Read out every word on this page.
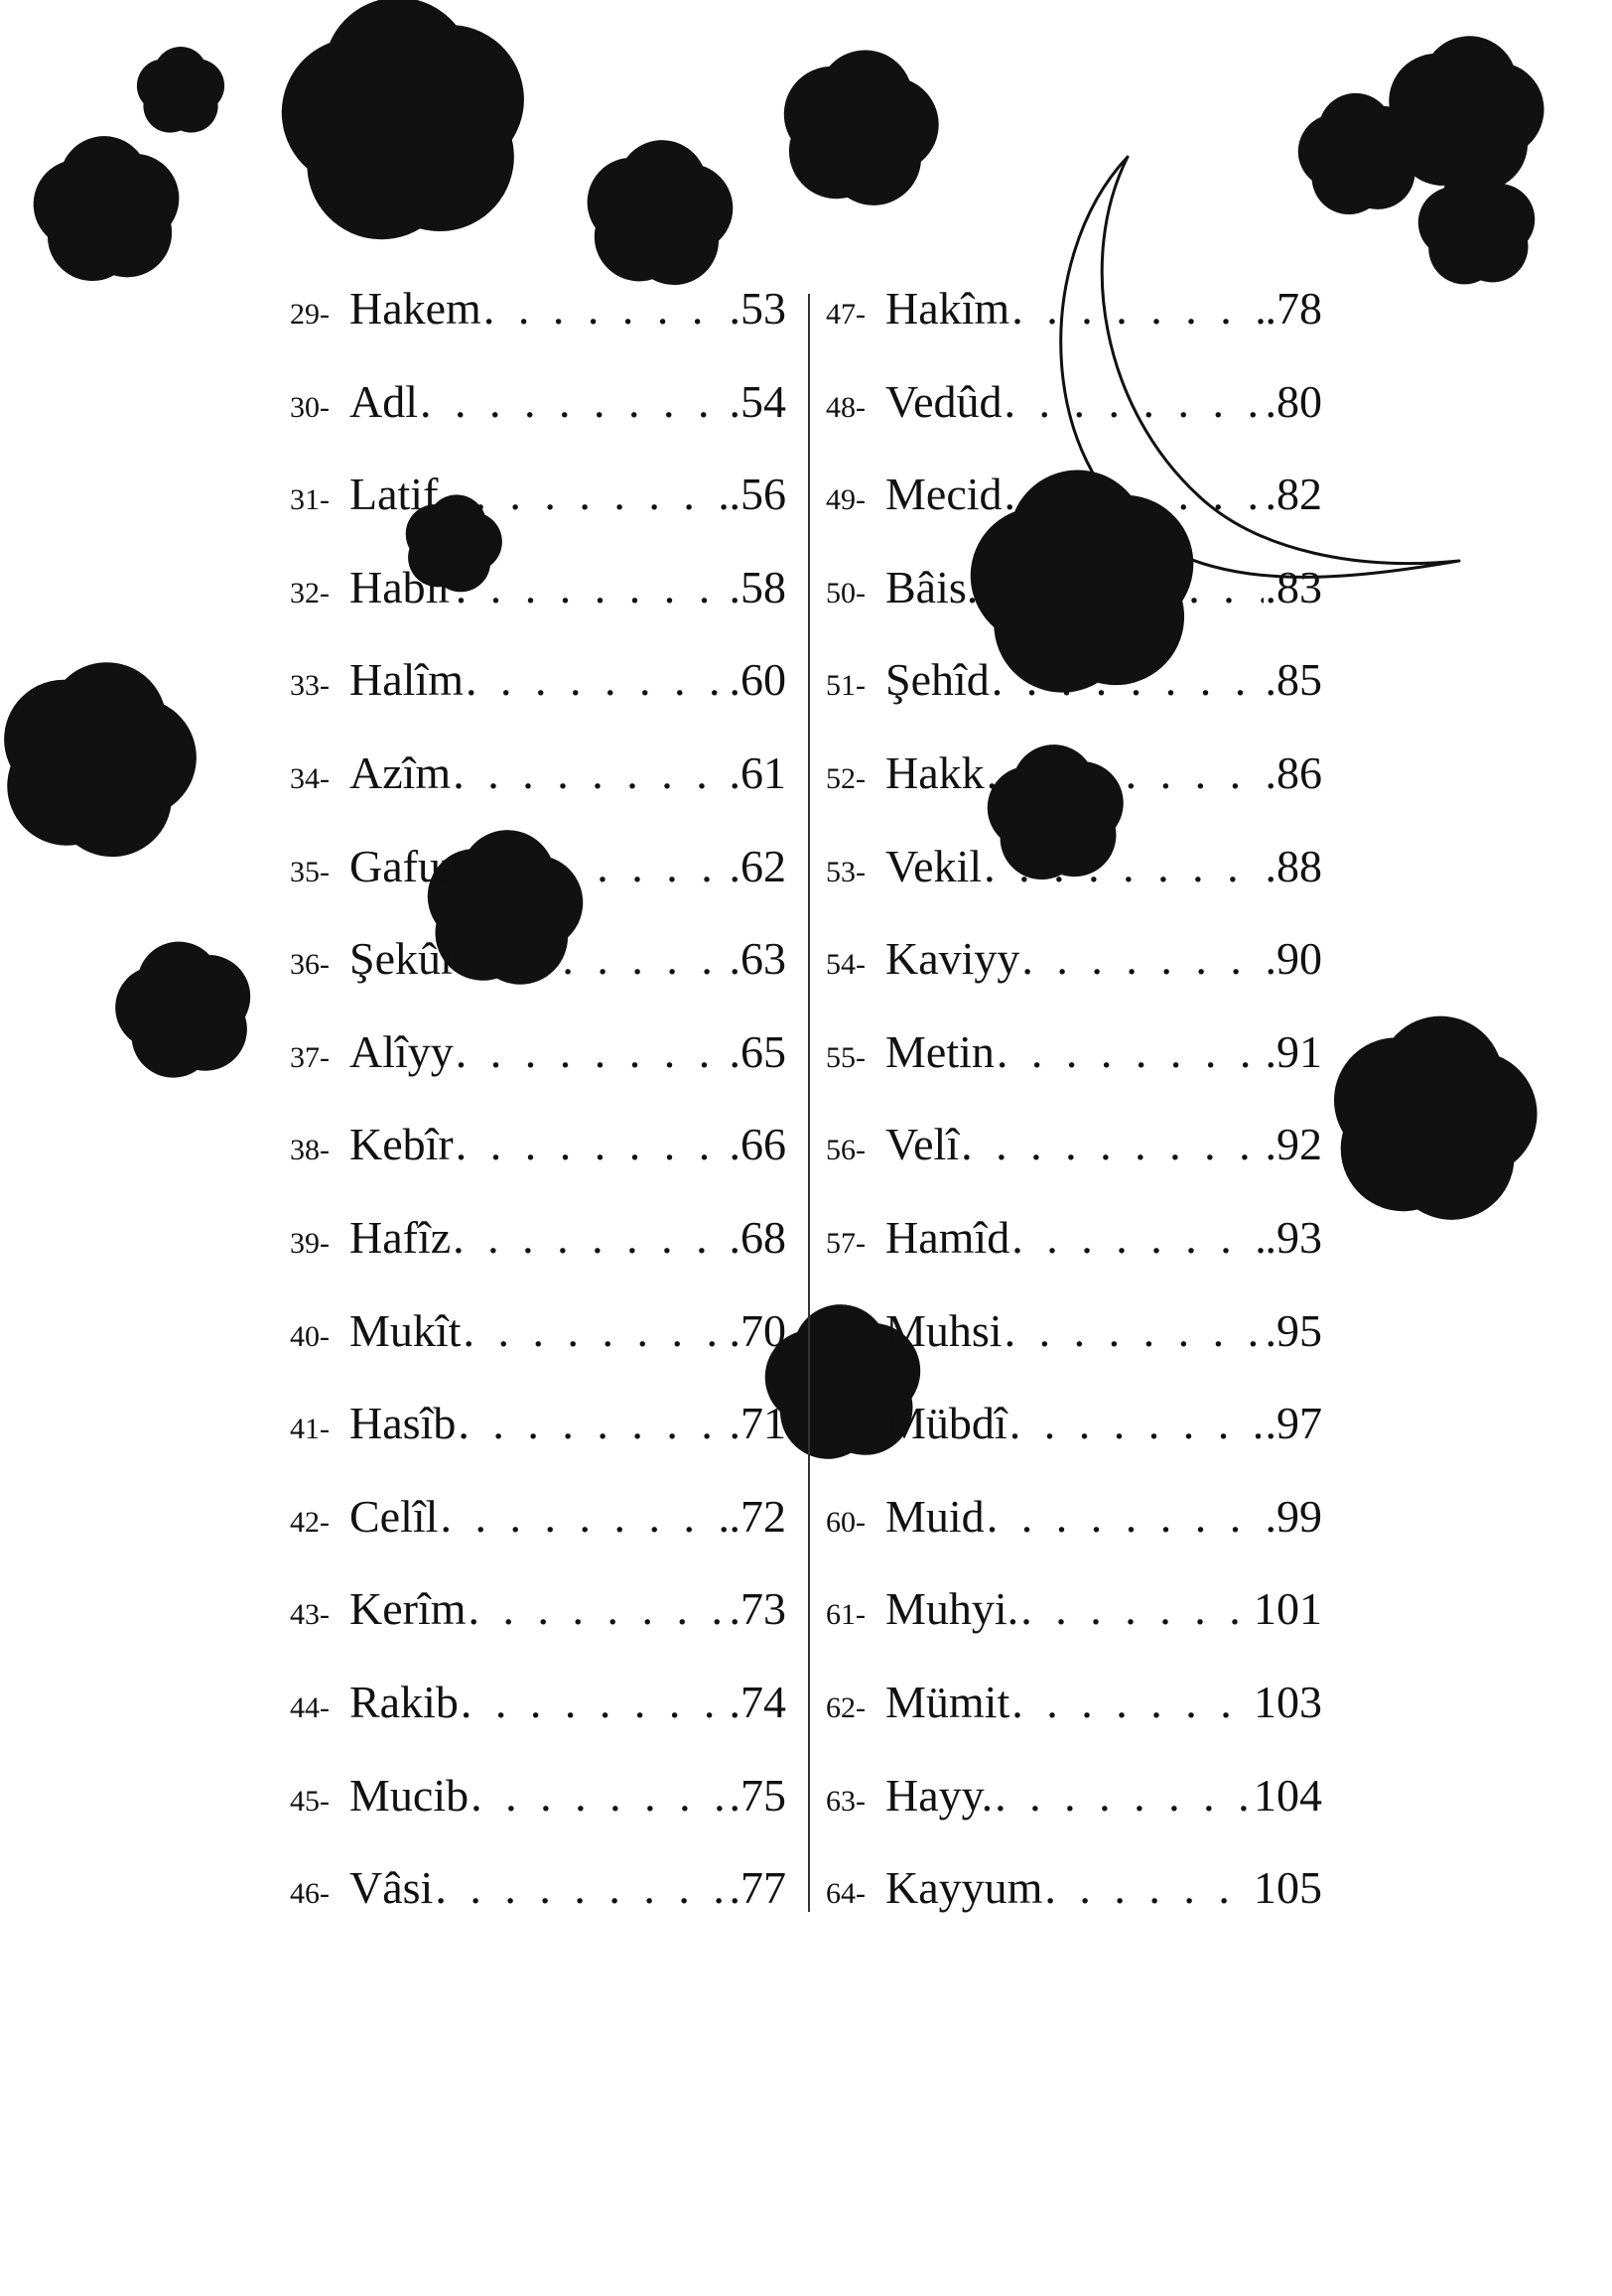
29- Hakem . . .	.53
30- Adl . . .	.54
31- Latif . . .	.56
32- Habir . . .	.58
33- Halîm . . .	.60
34- Azîm . . .	.61
35- Gafur . . .	.62
36- Şekûr . . .	.63
37- Alîyy . . .	.65
38- Kebîr . . .	.66
39- Hafîz . . .	.68
40- Mukît . . .	.70
41- Hasîb . . .	.71
42- Celîl . . .	.72
43- Kerîm . . .	.73
44- Rakib . . .	.74
45- Mucib . . .	.75
46- Vâsi . . .	.77
47- Hakîm . . .	.78
48- Vedûd . . .	.80
49- Mecid . . .	.82
50- Bâis. . . .	.83
51- Şehîd . . .	.85
52- Hakk . . .	.86
53- Vekil . . .	.88
54- Kaviyy . . .	.90
55- Metin . . .	.91
56- Velî . . .	.92
57- Hamîd . . .	.93
58- Muhsi . . .	.95
59- Mübdî . . .	.97
60- Muid . . .	.99
61- Muhyi. . . .	101
62- Mümit . . .	103
63- Hayy. . . .	104
64- Kayyum . . .	105
